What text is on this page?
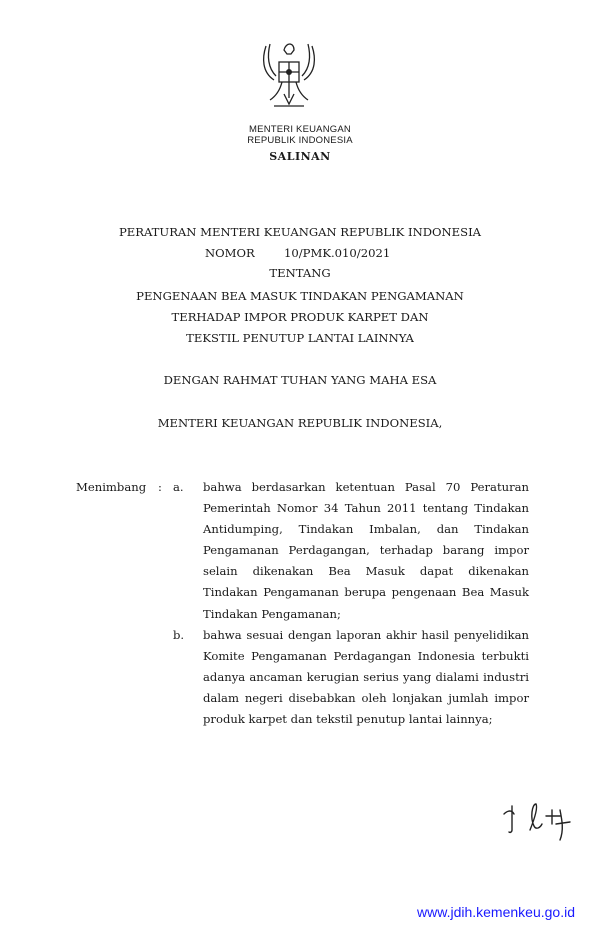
MENTERI KEUANGAN
REPUBLIK INDONESIA
SALINAN
PERATURAN MENTERI KEUANGAN REPUBLIK INDONESIA
NOMOR	10/PMK.010/2021
TENTANG
PENGENAAN BEA MASUK TINDAKAN PENGAMANAN
TERHADAP IMPOR PRODUK KARPET DAN
TEKSTIL PENUTUP LANTAI LAINNYA
DENGAN RAHMAT TUHAN YANG MAHA ESA
MENTERI KEUANGAN REPUBLIK INDONESIA,
Menimbang : a. bahwa berdasarkan ketentuan Pasal 70 Peraturan
Pemerintah Nomor 34 Tahun 2011 tentang Tindakan
Antidumping, Tindakan Imbalan, dan Tindakan
Pengamanan Perdagangan, terhadap barang impor
selain dikenakan Bea Masuk dapat dikenakan
Tindakan Pengamanan berupa pengenaan Bea Masuk
Tindakan Pengamanan;
b. bahwa sesuai dengan laporan akhir hasil penyelidikan
Komite Pengamanan Perdagangan Indonesia terbukti
adanya ancaman kerugian serius yang dialami industri
dalam negeri disebabkan oleh lonjakan jumlah impor
produk karpet dan tekstil penutup lantai lainnya;
www.jdih.kemenkeu.go.id
